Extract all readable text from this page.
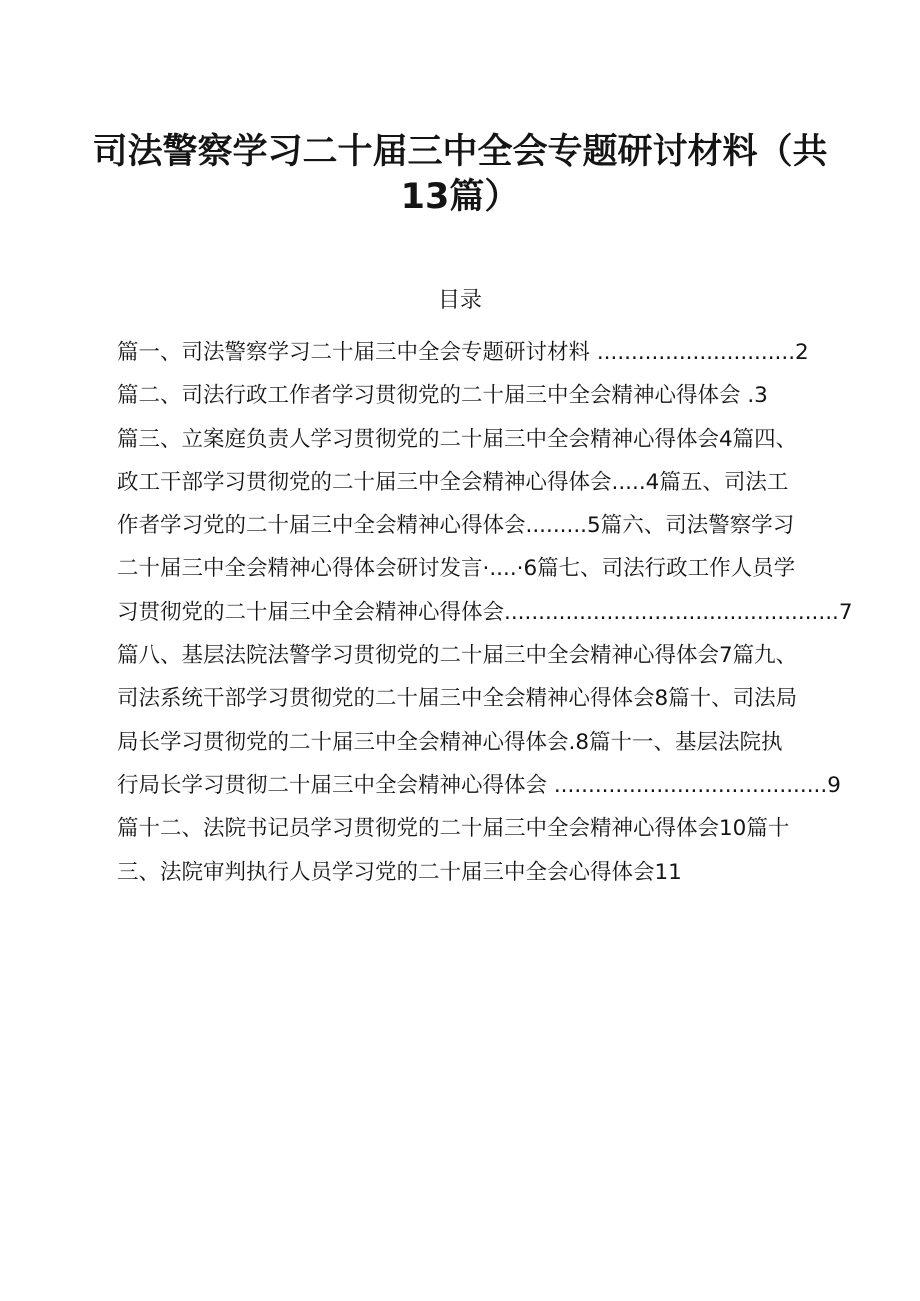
司法警察学习二十届三中全会专题研讨材料（共
13篇）
目录
篇一、司法警察学习二十届三中全会专题研讨材料 .............................2
篇二、司法行政工作者学习贯彻党的二十届三中全会精神心得体会 .3
篇三、立案庭负责人学习贯彻党的二十届三中全会精神心得体会4篇四、
政工干部学习贯彻党的二十届三中全会精神心得体会.....4篇五、司法工
作者学习党的二十届三中全会精神心得体会.........5篇六、司法警察学习
二十届三中全会精神心得体会研讨发言·....·6篇七、司法行政工作人员学
习贯彻党的二十届三中全会精神心得体会.................................................7
篇八、基层法院法警学习贯彻党的二十届三中全会精神心得体会7篇九、
司法系统干部学习贯彻党的二十届三中全会精神心得体会8篇十、司法局
局长学习贯彻党的二十届三中全会精神心得体会.8篇十一、基层法院执
行局长学习贯彻二十届三中全会精神心得体会 ........................................9
篇十二、法院书记员学习贯彻党的二十届三中全会精神心得体会10篇十
三、法院审判执行人员学习党的二十届三中全会心得体会11
